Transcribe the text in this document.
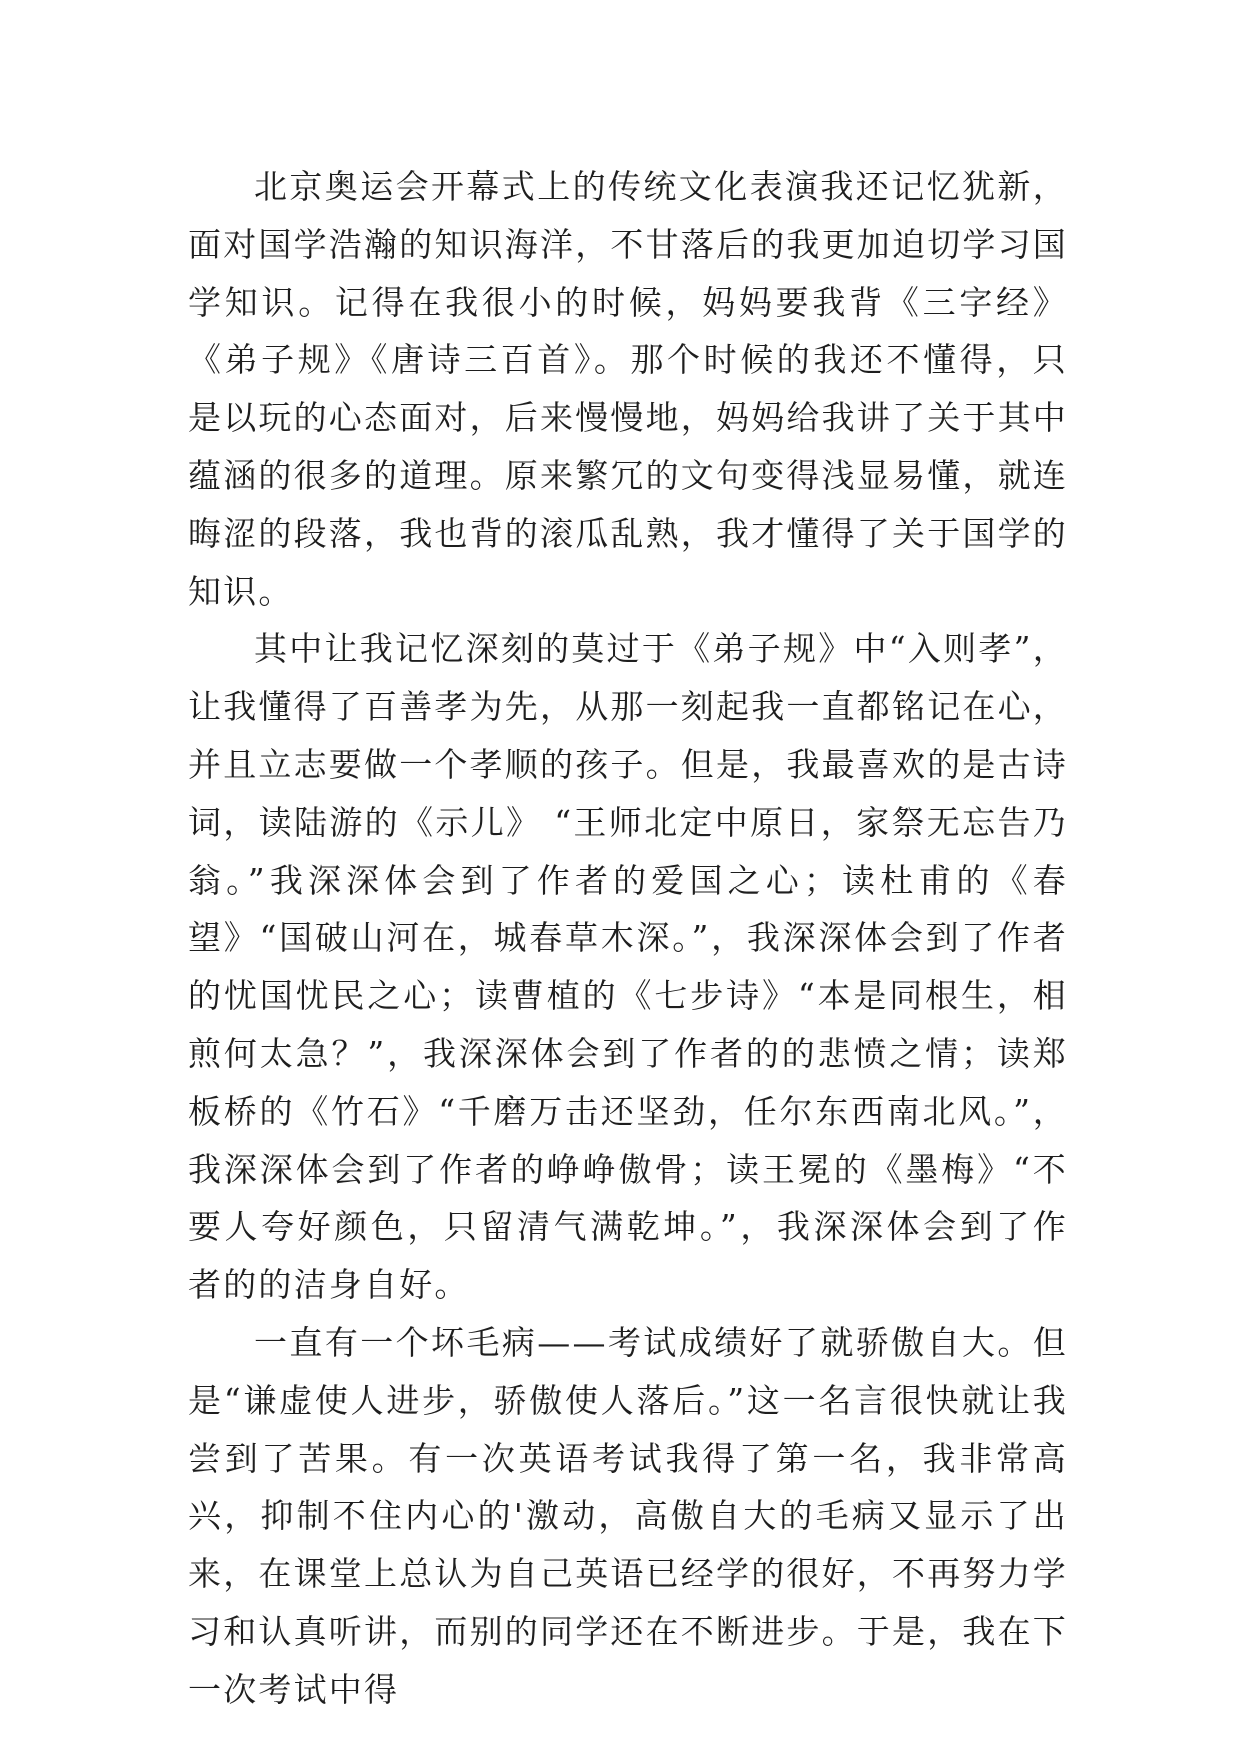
北京奥运会开幕式上的传统文化表演我还记忆犹新，面对国学浩瀚的知识海洋，不甘落后的我更加迫切学习国学知识。记得在我很小的时候，妈妈要我背《三字经》《弟子规》《唐诗三百首》。那个时候的我还不懂得，只是以玩的心态面对，后来慢慢地，妈妈给我讲了关于其中蕴涵的很多的道理。原来繁冗的文句变得浅显易懂，就连晦涩的段落，我也背的滚瓜乱熟，我才懂得了关于国学的知识。

其中让我记忆深刻的莫过于《弟子规》中“入则孝”，让我懂得了百善孝为先，从那一刻起我一直都铭记在心，并且立志要做一个孝顺的孩子。但是，我最喜欢的是古诗词，读陆游的《示儿》 “王师北定中原日，家祭无忘告乃翁。”我深深体会到了作者的爱国之心；读杜甫的《春望》“国破山河在，城春草木深。”，我深深体会到了作者的忧国忧民之心；读曹植的《七步诗》“本是同根生，相煎何太急？”，我深深体会到了作者的的悲愤之情；读郑板桥的《竹石》“千磨万击还坚劲，任尔东西南北风。”，我深深体会到了作者的峥峥傲骨；读王冕的《墨梅》“不要人夸好颜色，只留清气满乾坤。”，我深深体会到了作者的的洁身自好。

一直有一个坏毛病——考试成绩好了就骄傲自大。但是“谦虚使人进步，骄傲使人落后。”这一名言很快就让我尝到了苦果。有一次英语考试我得了第一名，我非常高兴，抑制不住内心的'激动，高傲自大的毛病又显示了出来，在课堂上总认为自己英语已经学的很好，不再努力学习和认真听讲，而别的同学还在不断进步。于是，我在下一次考试中得
